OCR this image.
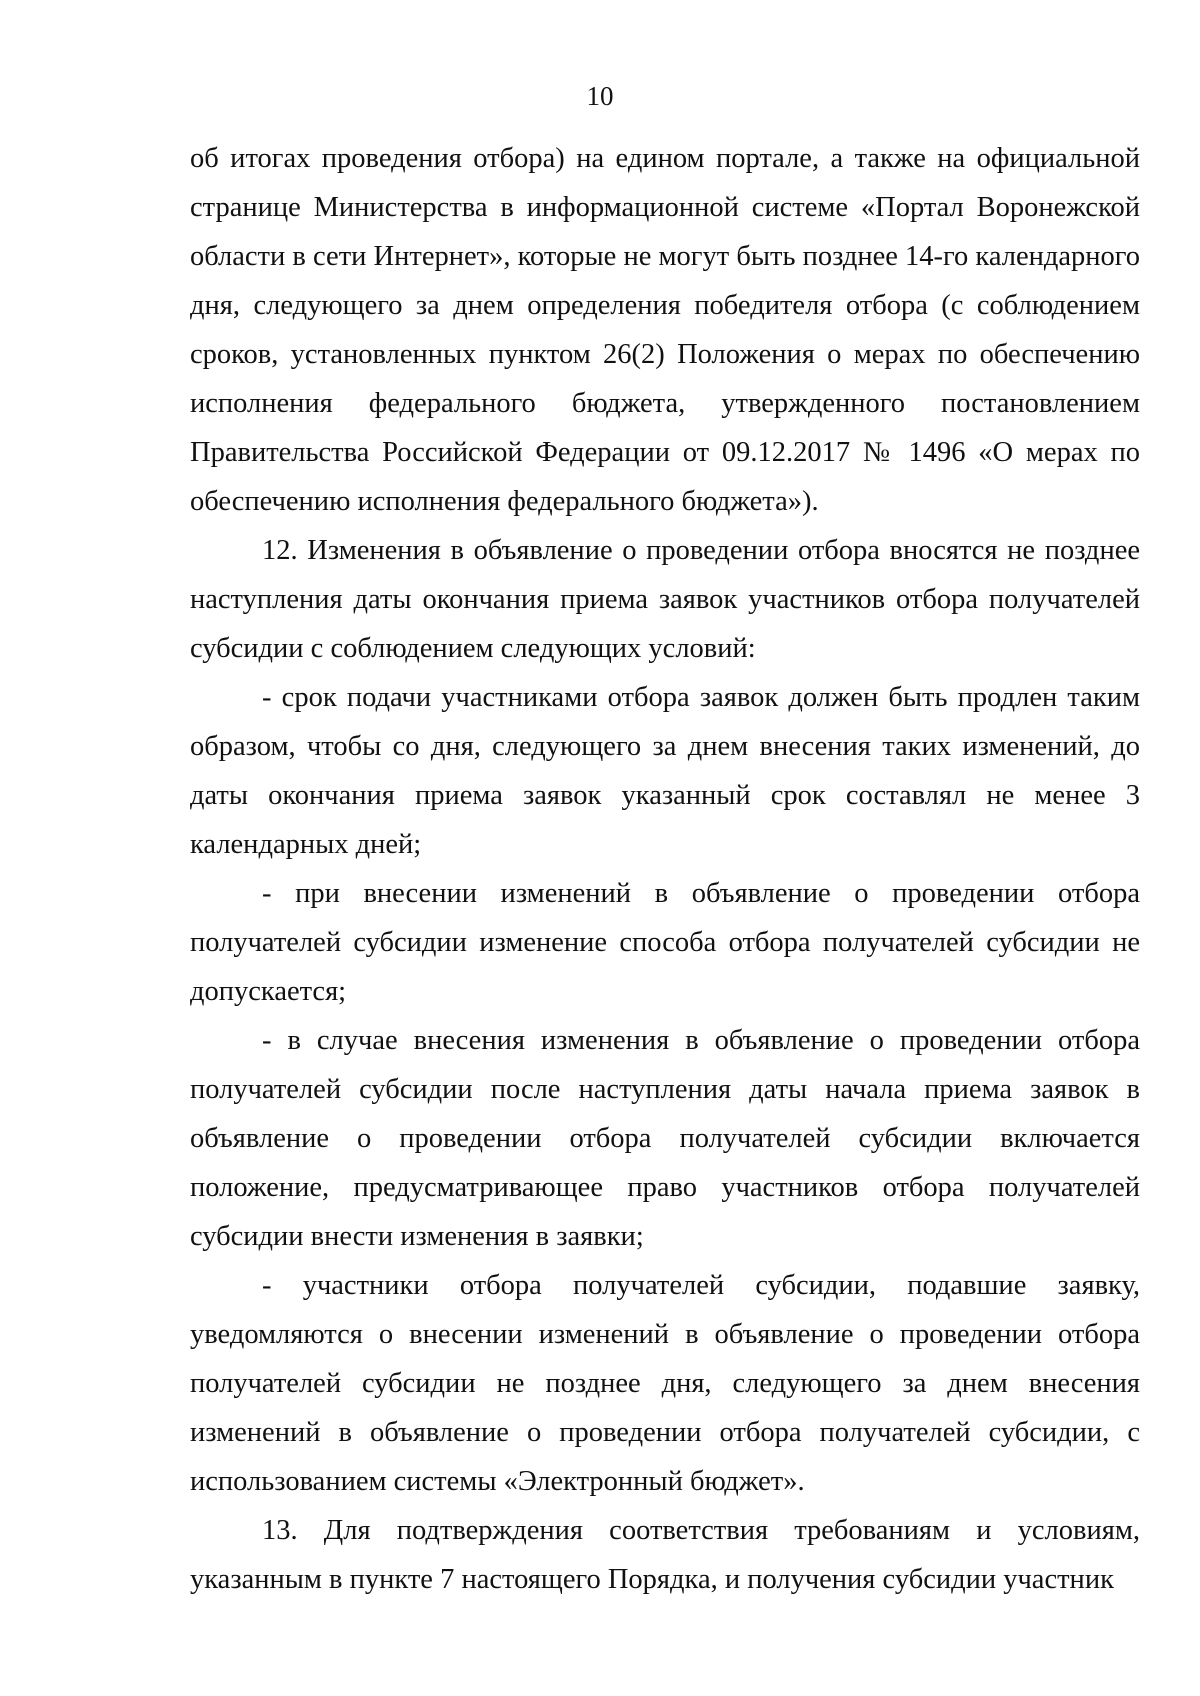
10

об итогах проведения отбора) на едином портале, а также на официальной странице Министерства в информационной системе «Портал Воронежской области в сети Интернет», которые не могут быть позднее 14-го календарного дня, следующего за днем определения победителя отбора (с соблюдением сроков, установленных пунктом 26(2) Положения о мерах по обеспечению исполнения федерального бюджета, утвержденного постановлением Правительства Российской Федерации от 09.12.2017 № 1496 «О мерах по обеспечению исполнения федерального бюджета»).

12. Изменения в объявление о проведении отбора вносятся не позднее наступления даты окончания приема заявок участников отбора получателей субсидии с соблюдением следующих условий:

- срок подачи участниками отбора заявок должен быть продлен таким образом, чтобы со дня, следующего за днем внесения таких изменений, до даты окончания приема заявок указанный срок составлял не менее 3 календарных дней;

- при внесении изменений в объявление о проведении отбора получателей субсидии изменение способа отбора получателей субсидии не допускается;

- в случае внесения изменения в объявление о проведении отбора получателей субсидии после наступления даты начала приема заявок в объявление о проведении отбора получателей субсидии включается положение, предусматривающее право участников отбора получателей субсидии внести изменения в заявки;

- участники отбора получателей субсидии, подавшие заявку, уведомляются о внесении изменений в объявление о проведении отбора получателей субсидии не позднее дня, следующего за днем внесения изменений в объявление о проведении отбора получателей субсидии, с использованием системы «Электронный бюджет».

13. Для подтверждения соответствия требованиям и условиям, указанным в пункте 7 настоящего Порядка, и получения субсидии участник
